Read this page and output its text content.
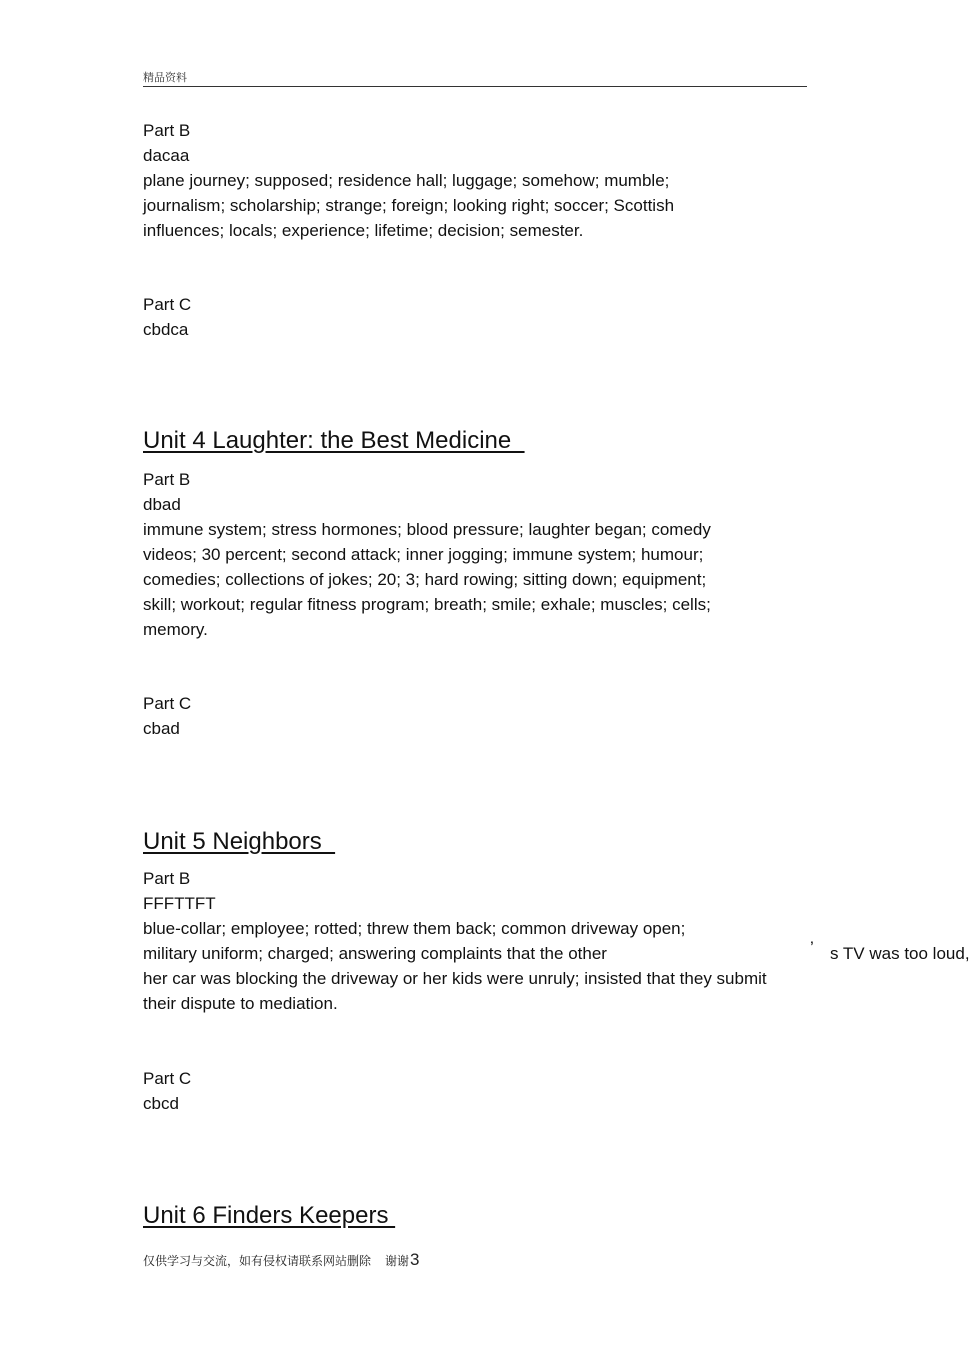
精品资料
Part B
dacaa
plane journey; supposed; residence hall; luggage; somehow; mumble;
journalism; scholarship; strange; foreign; looking right; soccer; Scottish
influences; locals; experience; lifetime; decision; semester.
Part C
cbdca
Unit 4 Laughter: the Best Medicine
Part B
dbad
immune system; stress hormones; blood pressure; laughter began; comedy
videos; 30 percent; second attack; inner jogging; immune system; humour;
comedies; collections of jokes; 20; 3; hard rowing; sitting down; equipment;
skill; workout; regular fitness program; breath; smile; exhale; muscles; cells;
memory.
Part C
cbad
Unit 5 Neighbors
Part B
FFFTTFT
blue-collar; employee; rotted; threw them back; common driveway open;
military uniform; charged; answering complaints that the other	’ s TV was too loud,
her car was blocking the driveway or her kids were unruly; insisted that they submit
their dispute to mediation.
Part C
cbcd
Unit 6 Finders Keepers
仅供学习与交流，如有侵权请联系网站删除 谢谢3
